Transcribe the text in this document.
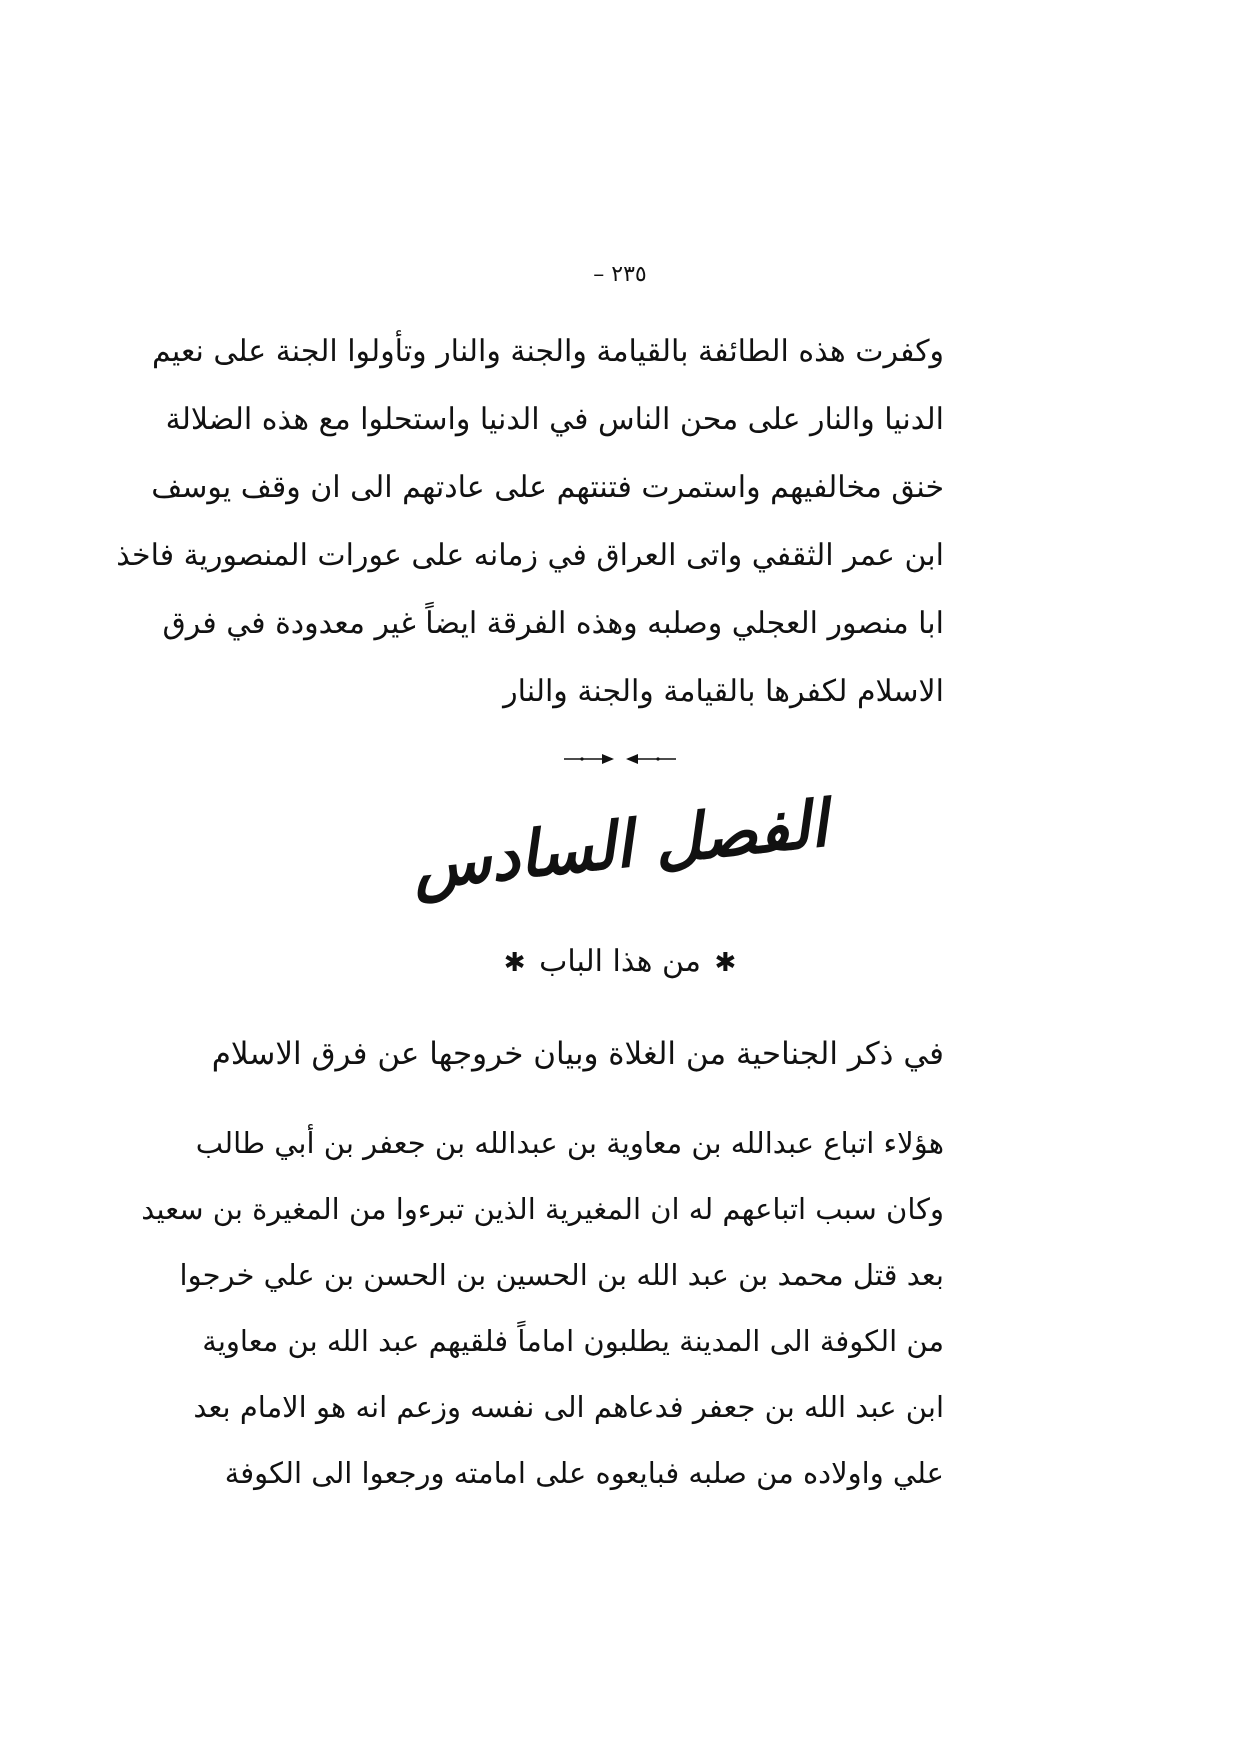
٢٣٥ –
وكفرت هذه الطائفة بالقيامة والجنة والنار وتأولوا الجنة على نعيم
الدنيا والنار على محن الناس في الدنيا واستحلوا مع هذه الضلالة
خنق مخالفيهم واستمرت فتنتهم على عادتهم الى ان وقف يوسف
ابن عمر الثقفي واتى العراق في زمانه على عورات المنصورية فاخذ
ابا منصور العجلي وصلبه وهذه الفرقة ايضاً غير معدودة في فرق
الاسلام لكفرها بالقيامة والجنة والنار
الفصل السادس
✱ من هذا الباب ✱
في ذكر الجناحية من الغلاة وبيان خروجها عن فرق الاسلام
هؤلاء اتباع عبدالله بن معاوية بن عبدالله بن جعفر بن أبي طالب
وكان سبب اتباعهم له ان المغيرية الذين تبرءوا من المغيرة بن سعيد
بعد قتل محمد بن عبد الله بن الحسين بن الحسن بن علي خرجوا
من الكوفة الى المدينة يطلبون اماماً فلقيهم عبد الله بن معاوية
ابن عبد الله بن جعفر فدعاهم الى نفسه وزعم انه هو الامام بعد
علي واولاده من صلبه فبايعوه على امامته ورجعوا الى الكوفة
